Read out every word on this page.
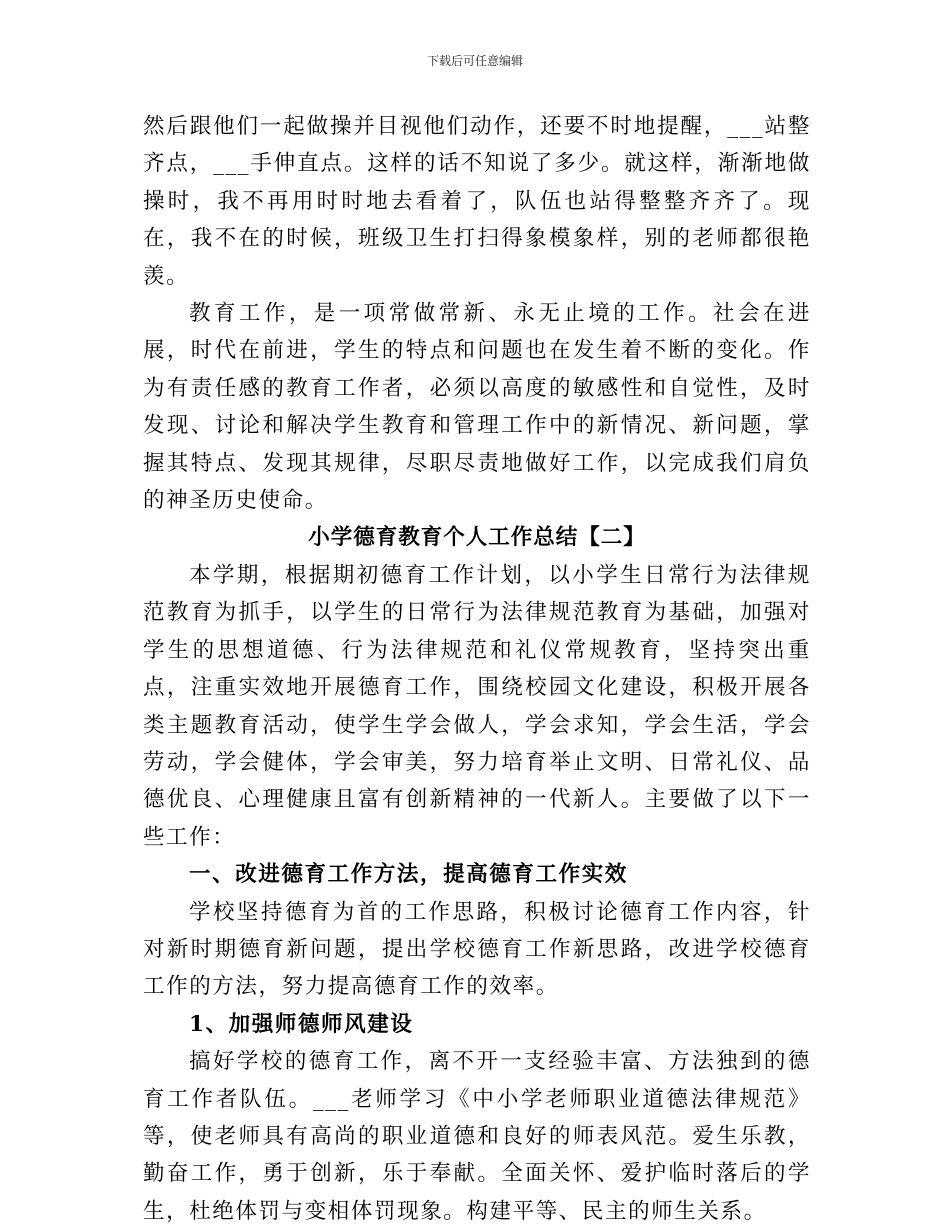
下载后可任意编辑

然后跟他们一起做操并目视他们动作，还要不时地提醒，___站整齐点，___手伸直点。这样的话不知说了多少。就这样，渐渐地做操时，我不再用时时地去看着了，队伍也站得整整齐齐了。现在，我不在的时候，班级卫生打扫得象模象样，别的老师都很艳羡。

教育工作，是一项常做常新、永无止境的工作。社会在进展，时代在前进，学生的特点和问题也在发生着不断的变化。作为有责任感的教育工作者，必须以高度的敏感性和自觉性，及时发现、讨论和解决学生教育和管理工作中的新情况、新问题，掌握其特点、发现其规律，尽职尽责地做好工作，以完成我们肩负的神圣历史使命。

小学德育教育个人工作总结【二】

本学期，根据期初德育工作计划，以小学生日常行为法律规范教育为抓手，以学生的日常行为法律规范教育为基础，加强对学生的思想道德、行为法律规范和礼仪常规教育，坚持突出重点，注重实效地开展德育工作，围绕校园文化建设，积极开展各类主题教育活动，使学生学会做人，学会求知，学会生活，学会劳动，学会健体，学会审美，努力培育举止文明、日常礼仪、品德优良、心理健康且富有创新精神的一代新人。主要做了以下一些工作：

一、改进德育工作方法，提高德育工作实效

学校坚持德育为首的工作思路，积极讨论德育工作内容，针对新时期德育新问题，提出学校德育工作新思路，改进学校德育工作的方法，努力提高德育工作的效率。

1、加强师德师风建设

搞好学校的德育工作，离不开一支经验丰富、方法独到的德育工作者队伍。___老师学习《中小学老师职业道德法律规范》等，使老师具有高尚的职业道德和良好的师表风范。爱生乐教，勤奋工作，勇于创新，乐于奉献。全面关怀、爱护临时落后的学生，杜绝体罚与变相体罚现象。构建平等、民主的师生关系。
